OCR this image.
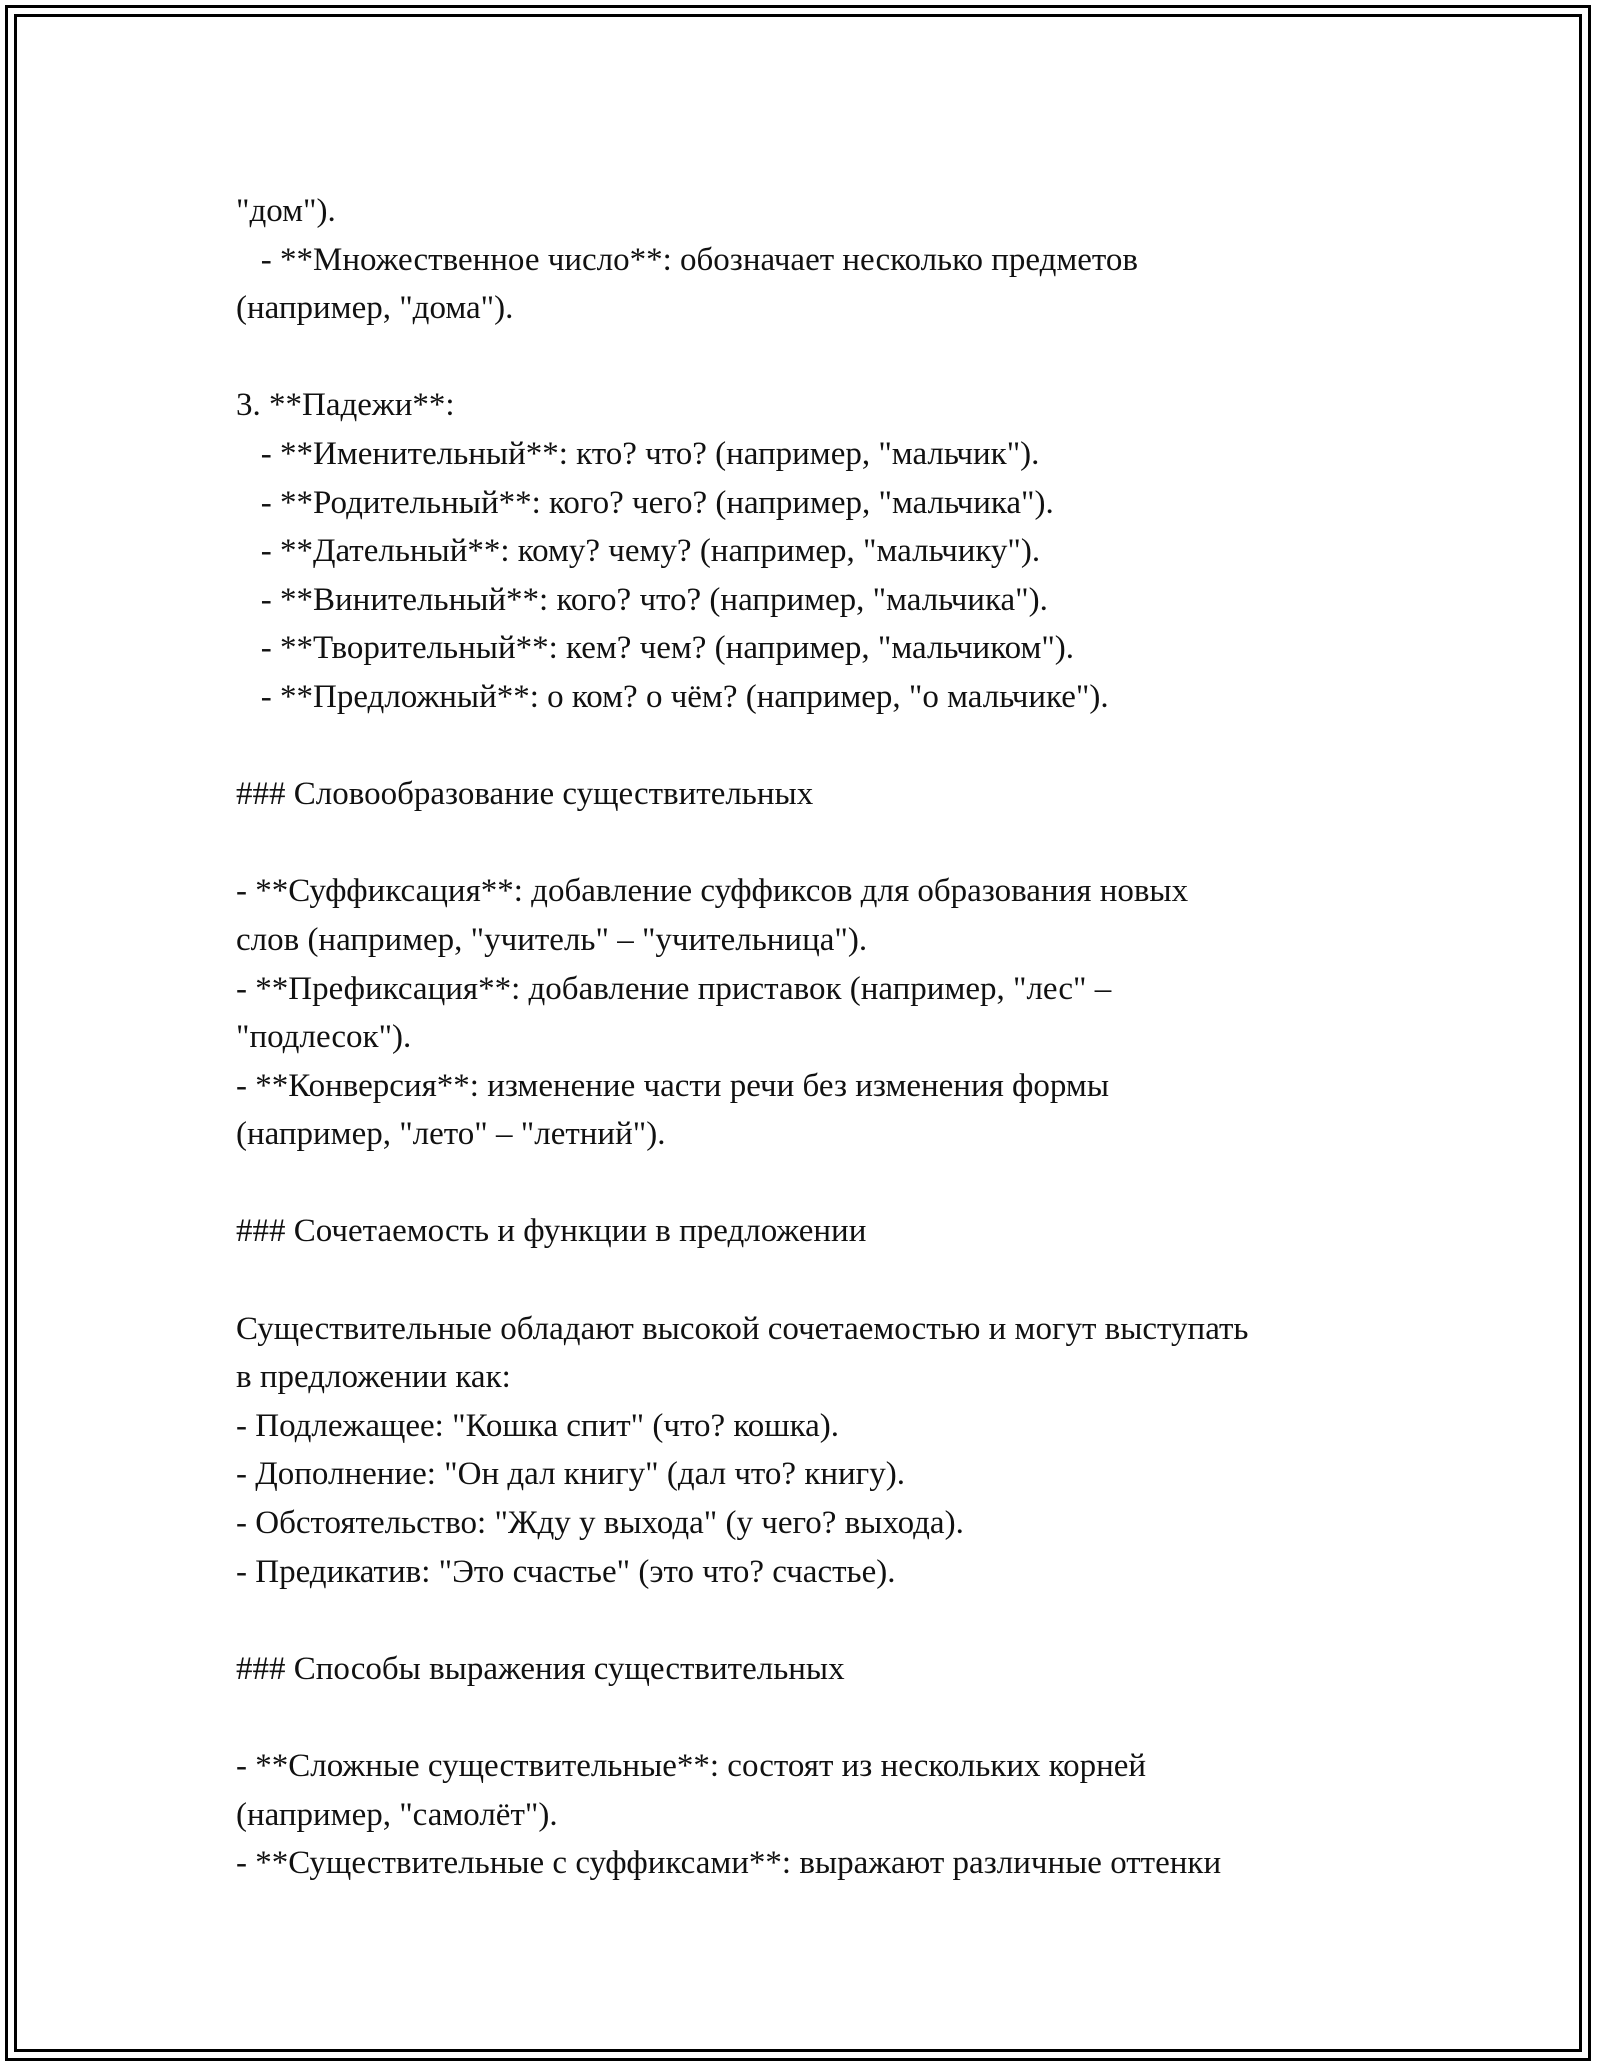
"дом").
- **Множественное число**: обозначает несколько предметов
(например, "дома").
3. **Падежи**:
- **Именительный**: кто? что? (например, "мальчик").
- **Родительный**: кого? чего? (например, "мальчика").
- **Дательный**: кому? чему? (например, "мальчику").
- **Винительный**: кого? что? (например, "мальчика").
- **Творительный**: кем? чем? (например, "мальчиком").
- **Предложный**: о ком? о чём? (например, "о мальчике").
### Словообразование существительных
- **Суффиксация**: добавление суффиксов для образования новых
слов (например, "учитель" – "учительница").
- **Префиксация**: добавление приставок (например, "лес" –
"подлесок").
- **Конверсия**: изменение части речи без изменения формы
(например, "лето" – "летний").
### Сочетаемость и функции в предложении
Существительные обладают высокой сочетаемостью и могут выступать
в предложении как:
- Подлежащее: "Кошка спит" (что? кошка).
- Дополнение: "Он дал книгу" (дал что? книгу).
- Обстоятельство: "Жду у выхода" (у чего? выхода).
- Предикатив: "Это счастье" (это что? счастье).
### Способы выражения существительных
- **Сложные существительные**: состоят из нескольких корней
(например, "самолёт").
- **Существительные с суффиксами**: выражают различные оттенки
